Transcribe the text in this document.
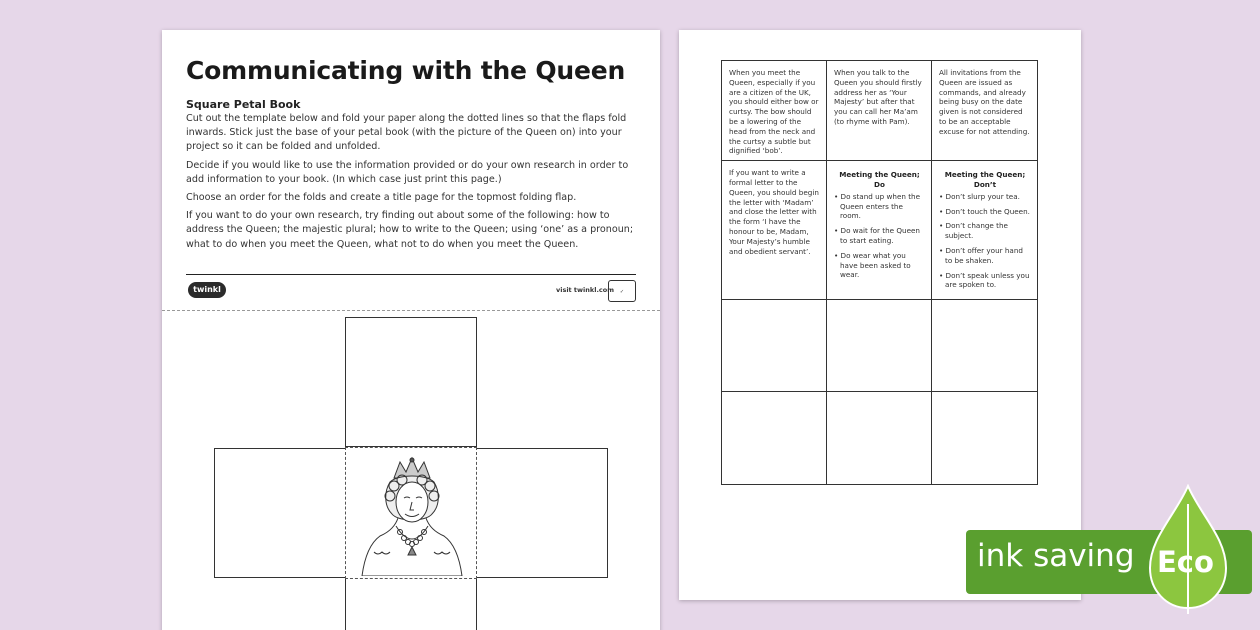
Communicating with the Queen
Square Petal Book

Cut out the template below and fold your paper along the dotted lines so that the flaps fold inwards. Stick just the base of your petal book (with the picture of the Queen on) into your project so it can be folded and unfolded.

Decide if you would like to use the information provided or do your own research in order to add information to your book. (In which case just print this page.)

Choose an order for the folds and create a title page for the topmost folding flap.

If you want to do your own research, try finding out about some of the following: how to address the Queen; the majestic plural; how to write to the Queen; using ‘one’ as a pronoun; what to do when you meet the Queen, what not to do when you meet the Queen.

twinkl	visit twinkl.com	✓
When you meet the Queen, especially if you are a citizen of the UK, you should either bow or curtsy. The bow should be a lowering of the head from the neck and the curtsy a subtle but dignified ‘bob’.
When you talk to the Queen you should firstly address her as ‘Your Majesty’ but after that you can call her Ma’am (to rhyme with Pam).
All invitations from the Queen are issued as commands, and already being busy on the date given is not considered to be an acceptable excuse for not attending.
If you want to write a formal letter to the Queen, you should begin the letter with ‘Madam’ and close the letter with the form ‘I have the honour to be, Madam, Your Majesty’s humble and obedient servant’.
Meeting the Queen; Do
• Do stand up when the Queen enters the room.
• Do wait for the Queen to start eating.
• Do wear what you have been asked to wear.
Meeting the Queen; Don’t
• Don’t slurp your tea.
• Don’t touch the Queen.
• Don’t change the subject.
• Don’t offer your hand to be shaken.
• Don’t speak unless you are spoken to.
ink saving Eco
